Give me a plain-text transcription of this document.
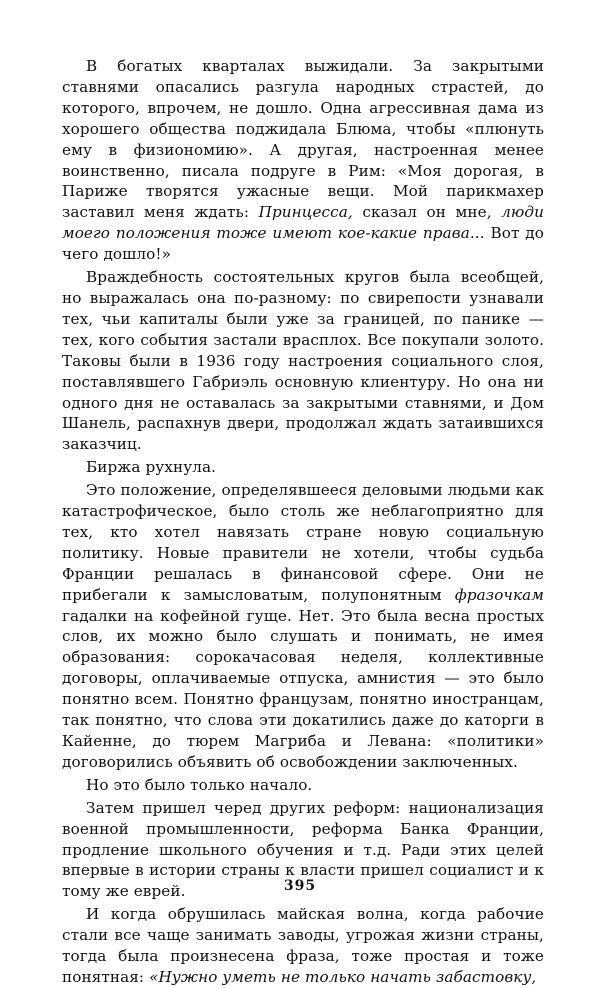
В богатых кварталах выжидали. За закрытыми ставнями опасались разгула народных страстей, до которого, впрочем, не дошло. Одна агрессивная дама из хорошего общества поджидала Блюма, чтобы «плюнуть ему в физиономию». А другая, настроенная менее воинственно, писала подруге в Рим: «Моя дорогая, в Париже творятся ужасные вещи. Мой парикмахер заставил меня ждать: Принцесса, сказал он мне, люди моего положения тоже имеют кое-какие права... Вот до чего дошло!»

Враждебность состоятельных кругов была всеобщей, но выражалась она по-разному: по свирепости узнавали тех, чьи капиталы были уже за границей, по панике — тех, кого события застали врасплох. Все покупали золото. Таковы были в 1936 году настроения социального слоя, поставлявшего Габриэль основную клиентуру. Но она ни одного дня не оставалась за закрытыми ставнями, и Дом Шанель, распахнув двери, продолжал ждать затаившихся заказчиц.

Биржа рухнула.

Это положение, определявшееся деловыми людьми как катастрофическое, было столь же неблагоприятно для тех, кто хотел навязать стране новую социальную политику. Новые правители не хотели, чтобы судьба Франции решалась в финансовой сфере. Они не прибегали к замысловатым, полупонятным фразочкам гадалки на кофейной гуще. Нет. Это была весна простых слов, их можно было слушать и понимать, не имея образования: сорокачасовая неделя, коллективные договоры, оплачиваемые отпуска, амнистия — это было понятно всем. Понятно французам, понятно иностранцам, так понятно, что слова эти докатились даже до каторги в Кайенне, до тюрем Магриба и Левана: «политики» договорились объявить об освобождении заключенных.

Но это было только начало.

Затем пришел черед других реформ: национализация военной промышленности, реформа Банка Франции, продление школьного обучения и т.д. Ради этих целей впервые в истории страны к власти пришел социалист и к тому же еврей.

И когда обрушилась майская волна, когда рабочие стали все чаще занимать заводы, угрожая жизни страны, тогда была произнесена фраза, тоже простая и тоже понятная: «Нужно уметь не только начать забастовку,

395
